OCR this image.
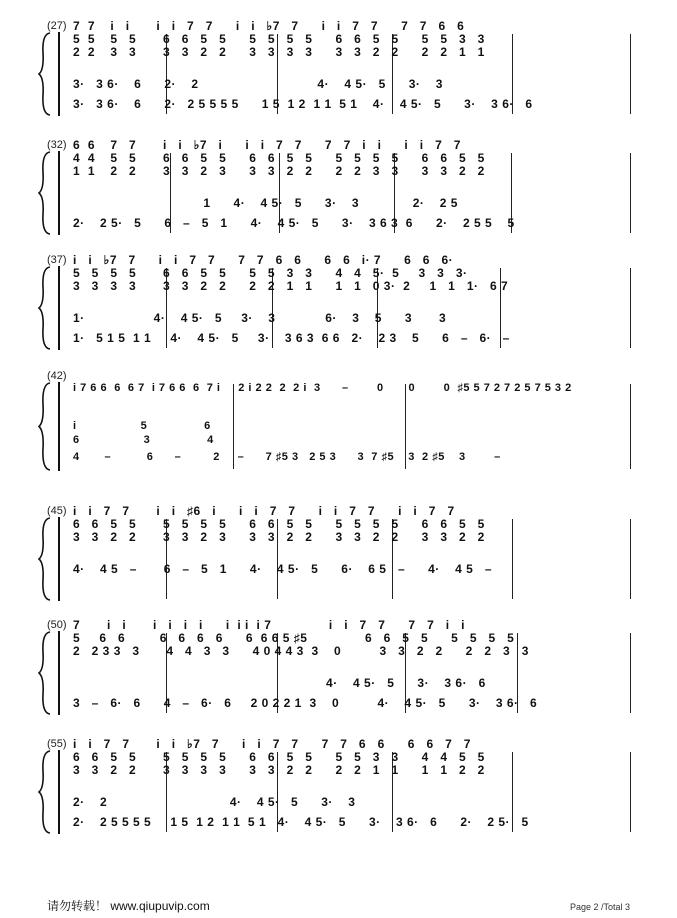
(27) 7  7    i   i       i   i   7   7      i   i   ♭7   7      i   i   7   7      7   7   6   6
5  5    5   5       6   6   5   5      5   5   5   5      6   6   5   5      5   5   3   3
2  2    3   3       3   3   2   2      3   3   3   3      3   3   2   2      2   2   1   1
3·   3 6·    6      2·    2                               4·    4 5·   5      3·    3
3·   3 6·    6      2·   2 5 5 5 5      1 5  1 2  1 1  5 1    4·    4 5·   5      3·    3 6·   6
(32) 6  6    7   7       i   i   ♭7   i      i   i   7   7      7   7   i   i      i   i   7   7
4  4    5   5       6   6   5   5      6   6   5   5      5   5   5   5      6   6   5   5
1  1    2   2       3   3   2   3      3   3   2   2      2   2   3   3      3   3   2   2
1      4·    4 5·   5      3·    3              2·    2 5
2·    2 5·   5      6   –   5   1      4·    4 5·   5      3·    3 6 3  6      2·    2 5 5    5
(37) i   i   ♭7   7      i   i   7   7      7   7   6   6      6   6   i· 7      6   6   6·
5   5   5   5       6   6   5   5      5   5   3   3      4   4   5·  5     3   3   3·
3   3   3   3       3   3   2   2      2   2   1   1      1   1   0 3·  2     1   1   1·   6 7
1·                  4·    4 5·   5     3·    3             6·    3    5      3       3
1·   5 1 5  1 1     4·    4 5·   5     3·    3 6 3  6 6   2·    2 3    5      6   –   6·   –
(42)
i 7 6 6  6  6 7  i 7 6 6  6  7 i     2 i 2 2  2  2 i  3      –        0       0        0  ♯5 5 7 2 7 2 5 7 5 3 2
i                  5                6
6                  3                4
4       –          6      –         2     –      7 ♯5 3   2 5 3      3  7 ♯5    3  2 ♯5    3        –
(45) i   i   7   7       i   i   ♯6   i      i   i   7   7      i   i   7   7      i   i   7   7
6   6   5   5       5   5   5   5      6   6   5   5      5   5   5   5      6   6   5   5
3   3   2   2       3   3   2   3      3   3   2   2      3   3   2   2      3   3   2   2
4·    4 5   –       6   –   5   1      4·    4 5·   5      6·    6 5   –      4·    4 5   –
(50) 7       i   i       i   i   i   i      i  i i  i 7               i   i   7   7      7   7   i   i
5     6   6         6   6   6   6      6  6 6 5 ♯5               6   6   5   5      5   5   5   5
2   2 3 3   3       4   4   3   3      4 0 4 4 3  3    0          3   3   2   2      2   2   3   3
4·    4 5·   5      3·    3 6·   6
3   –   6·   6      4   –   6·   6     2 0 2 2 1  3    0          4·    4 5·   5      3·    3 6·   6
(55) i   i   7   7       i   i   ♭7   7      i   i   7   7      7   7   6   6      6   6   7   7
6   6   5   5       5   5   5   5      6   6   5   5      5   5   3   3      4   4   5   5
3   3   2   2       3   3   3   3      3   3   2   2      2   2   1   1      1   1   2   2
2·    2                                4·    4 5·   5      3·    3
2·    2 5 5 5 5     1 5  1 2  1 1  5 1   4·    4 5·   5      3·    3 6·   6      2·    2 5·   5
请勿转载！ www.qiupuvip.com	Page 2 /Total 3
